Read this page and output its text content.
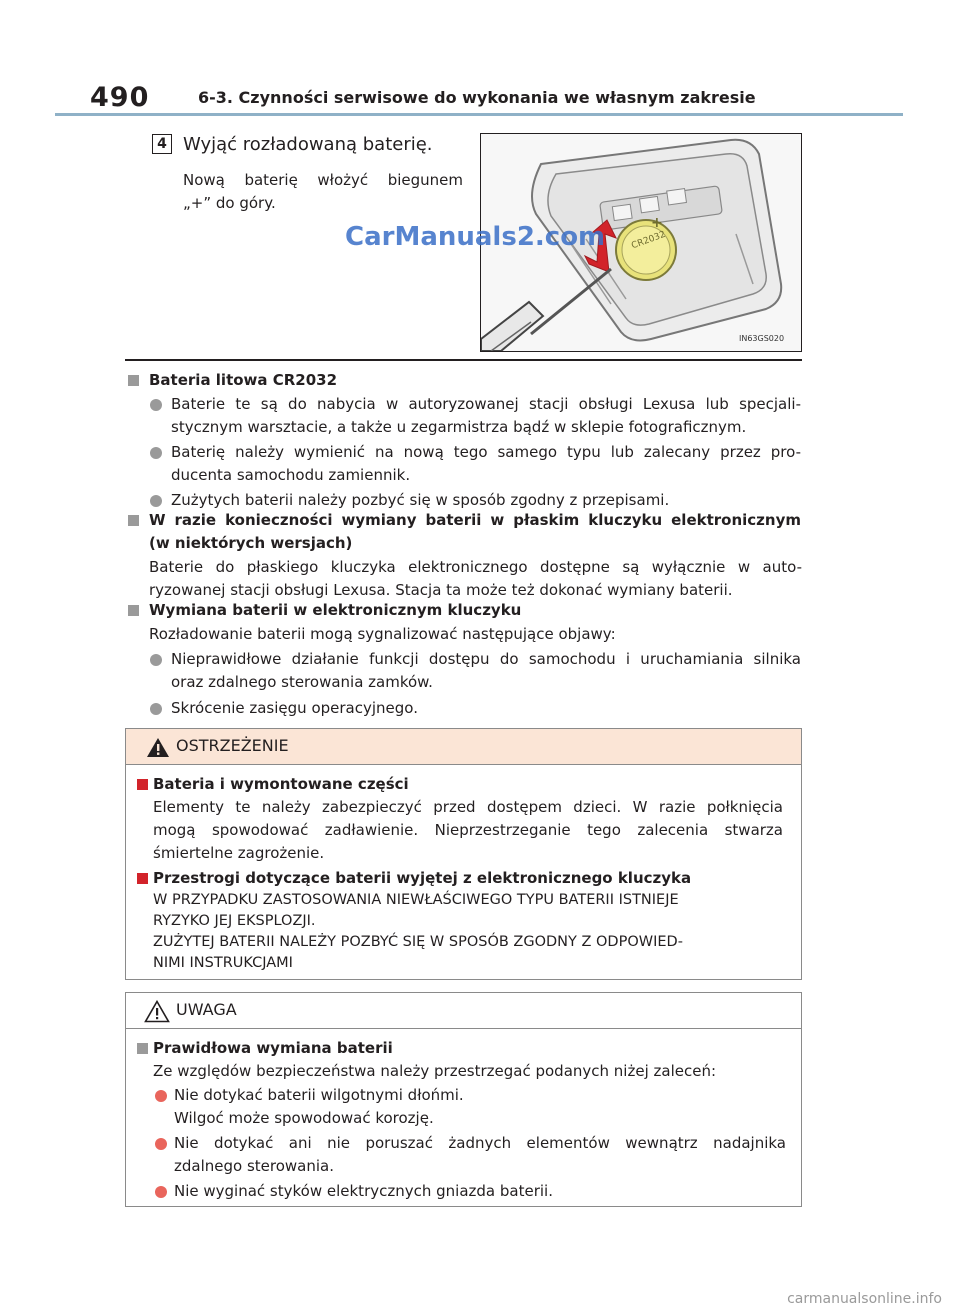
490	6-3. Czynności serwisowe do wykonania we własnym zakresie
4 Wyjąć rozładowaną baterię.
Nową baterię włożyć biegunem
„+” do góry.
CR2032
+
IN63GS020
CarManuals2.com
Bateria litowa CR2032
Baterie te są do nabycia w autoryzowanej stacji obsługi Lexusa lub specjali-
stycznym warsztacie, a także u zegarmistrza bądź w sklepie fotograficznym.
Baterię należy wymienić na nową tego samego typu lub zalecany przez pro-
ducenta samochodu zamiennik.
Zużytych baterii należy pozbyć się w sposób zgodny z przepisami.
W razie konieczności wymiany baterii w płaskim kluczyku elektronicznym
(w niektórych wersjach)
Baterie do płaskiego kluczyka elektronicznego dostępne są wyłącznie w auto-
ryzowanej stacji obsługi Lexusa. Stacja ta może też dokonać wymiany baterii.
Wymiana baterii w elektronicznym kluczyku
Rozładowanie baterii mogą sygnalizować następujące objawy:
Nieprawidłowe działanie funkcji dostępu do samochodu i uruchamiania silnika
oraz zdalnego sterowania zamków.
Skrócenie zasięgu operacyjnego.
OSTRZEŻENIE
Bateria i wymontowane części
Elementy te należy zabezpieczyć przed dostępem dzieci. W razie połknięcia
mogą spowodować zadławienie. Nieprzestrzeganie tego zalecenia stwarza
śmiertelne zagrożenie.
Przestrogi dotyczące baterii wyjętej z elektronicznego kluczyka
W PRZYPADKU ZASTOSOWANIA NIEWŁAŚCIWEGO TYPU BATERII ISTNIEJE
RYZYKO JEJ EKSPLOZJI.
ZUŻYTEJ BATERII NALEŻY POZBYĆ SIĘ W SPOSÓB ZGODNY Z ODPOWIED-
NIMI INSTRUKCJAMI
UWAGA
Prawidłowa wymiana baterii
Ze względów bezpieczeństwa należy przestrzegać podanych niżej zaleceń:
Nie dotykać baterii wilgotnymi dłońmi.
Wilgoć może spowodować korozję.
Nie dotykać ani nie poruszać żadnych elementów wewnątrz nadajnika
zdalnego sterowania.
Nie wyginać styków elektrycznych gniazda baterii.
carmanualsonline.info
